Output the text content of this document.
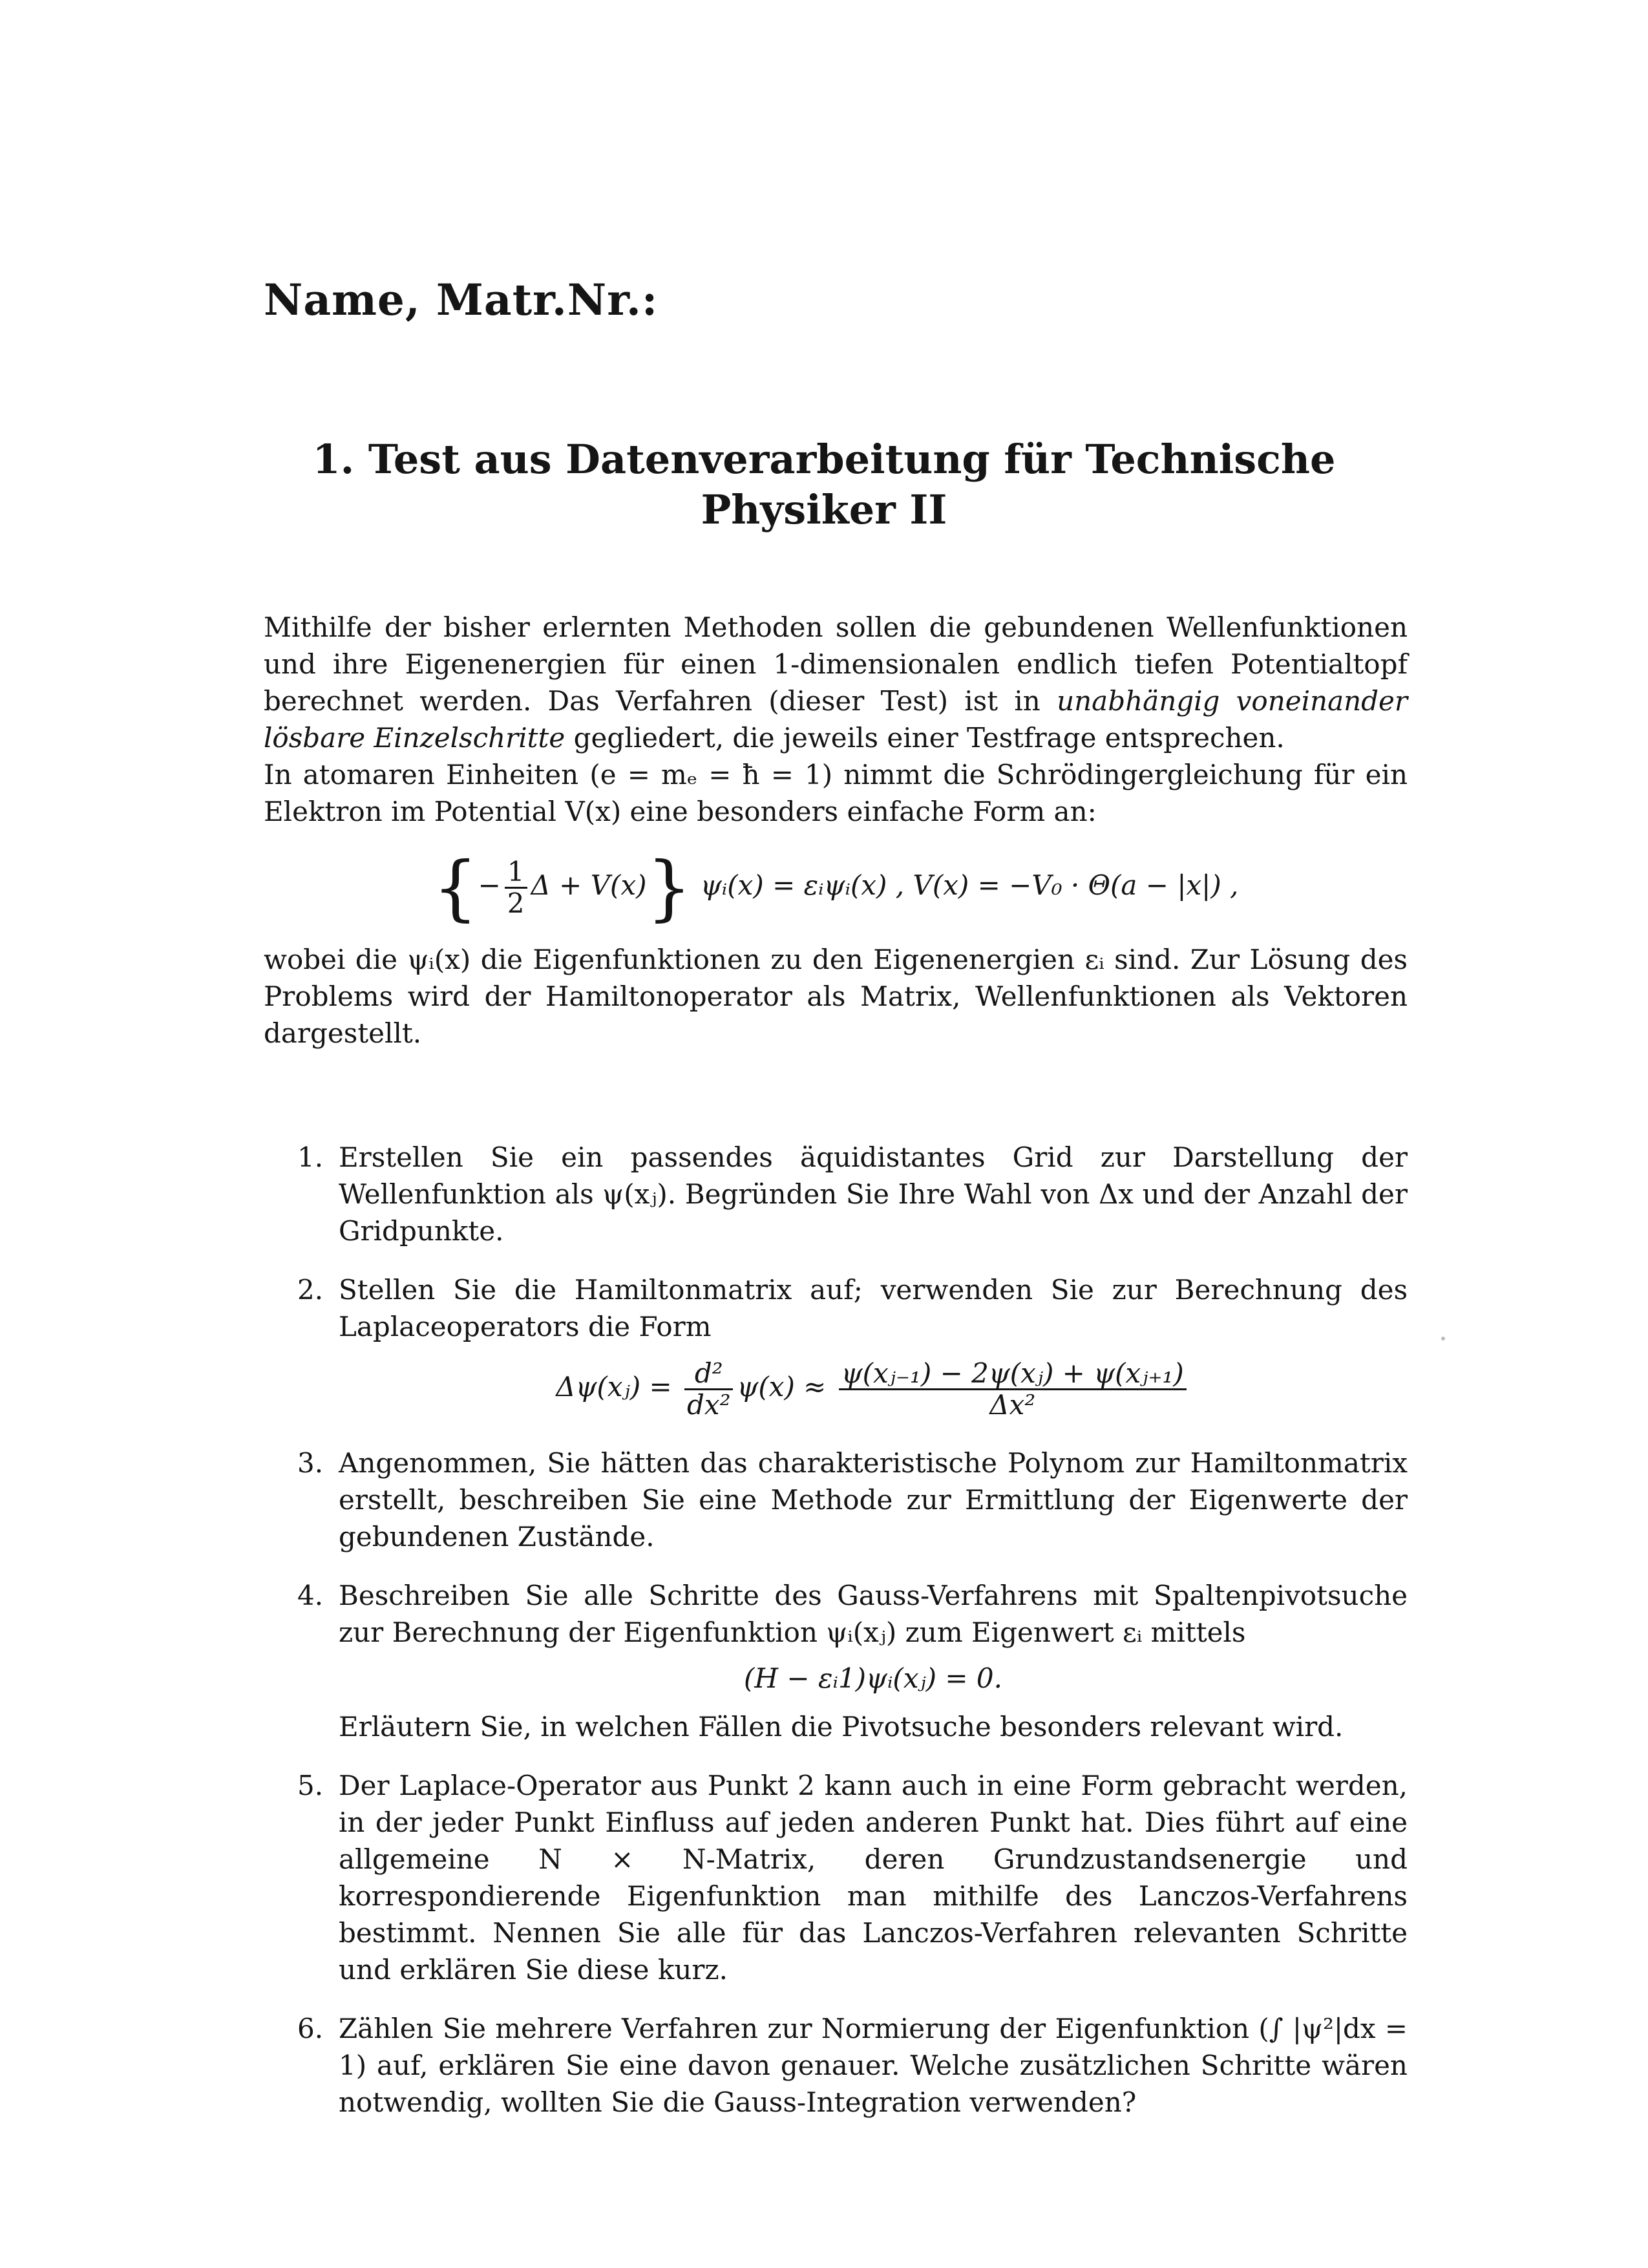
Name, Matr.Nr.:
1. Test aus Datenverarbeitung für Technische
Physiker II

Mithilfe der bisher erlernten Methoden sollen die gebundenen Wellenfunktionen und ihre Eigenenergien für einen 1-dimensionalen endlich tiefen Potentialtopf berechnet werden. Das Verfahren (dieser Test) ist in unabhängig voneinander lösbare Einzelschritte gegliedert, die jeweils einer Testfrage entsprechen.

In atomaren Einheiten (e = mₑ = ħ = 1) nimmt die Schrödingergleichung für ein Elektron im Potential V(x) eine besonders einfache Form an:

{− $\frac{1}{2}$ Δ + V(x)} ψᵢ(x) = εᵢψᵢ(x) , V(x) = −V₀ · Θ(a − |x|) ,

wobei die ψᵢ(x) die Eigenfunktionen zu den Eigenenergien εᵢ sind. Zur Lösung des Problems wird der Hamiltonoperator als Matrix, Wellenfunktionen als Vektoren dargestellt.

1. Erstellen Sie ein passendes äquidistantes Grid zur Darstellung der Wellenfunktion als ψ(xⱼ). Begründen Sie Ihre Wahl von Δx und der Anzahl der Gridpunkte.

2. Stellen Sie die Hamiltonmatrix auf; verwenden Sie zur Berechnung des Laplaceoperators die Form

Δψ(xⱼ) = $\frac{\text{d²}}{\text{dx²}} \psi(x) \approx \frac{\text{ψ(xⱼ₋₁) − 2ψ(xⱼ) + ψ(xⱼ₊₁)}}{\text{Δx²}}$
3. Angenommen, Sie hätten das charakteristische Polynom zur Hamiltonmatrix erstellt, beschreiben Sie eine Methode zur Ermittlung der Eigenwerte der gebundenen Zustände.

4. Beschreiben Sie alle Schritte des Gauss-Verfahrens mit Spaltenpivotsuche zur Berechnung der Eigenfunktion ψᵢ(xⱼ) zum Eigenwert εᵢ mittels

(H − εᵢ1)ψᵢ(xⱼ) = 0.

Erläutern Sie, in welchen Fällen die Pivotsuche besonders relevant wird.

5. Der Laplace-Operator aus Punkt 2 kann auch in eine Form gebracht werden, in der jeder Punkt Einfluss auf jeden anderen Punkt hat. Dies führt auf eine allgemeine N × N-Matrix, deren Grundzustandsenergie und korrespondierende Eigenfunktion man mithilfe des Lanczos-Verfahrens bestimmt. Nennen Sie alle für das Lanczos-Verfahren relevanten Schritte und erklären Sie diese kurz.

6. Zählen Sie mehrere Verfahren zur Normierung der Eigenfunktion (∫ |ψ²|dx = 1) auf, erklären Sie eine davon genauer. Welche zusätzlichen Schritte wären notwendig, wollten Sie die Gauss-Integration verwenden?
